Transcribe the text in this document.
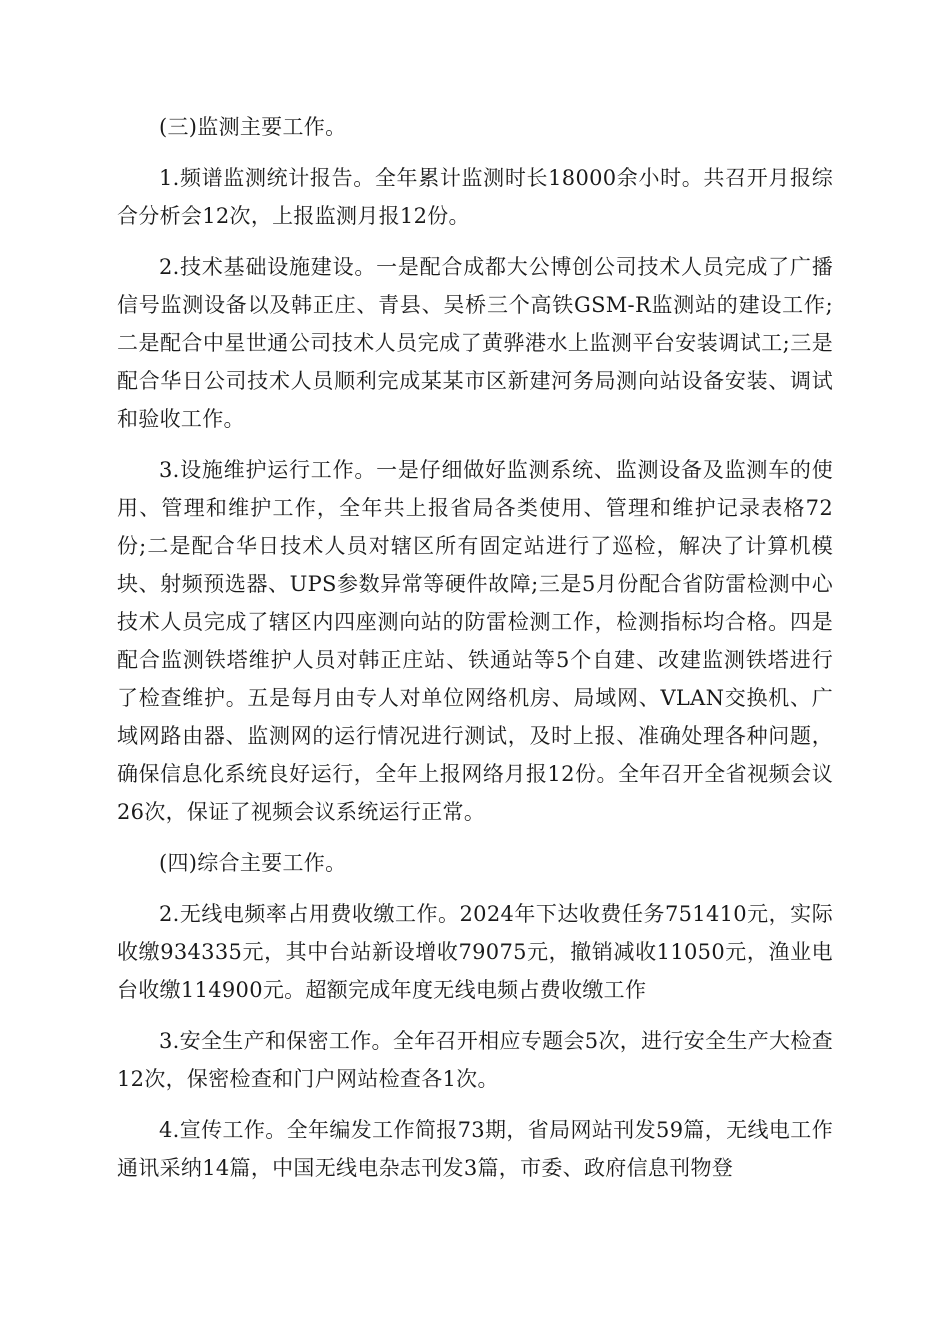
(三)监测主要工作。

1.频谱监测统计报告。全年累计监测时长18000余小时。共召开月报综合分析会12次，上报监测月报12份。

2.技术基础设施建设。一是配合成都大公博创公司技术人员完成了广播信号监测设备以及韩正庄、青县、吴桥三个高铁GSM-R监测站的建设工作;二是配合中星世通公司技术人员完成了黄骅港水上监测平台安装调试工;三是配合华日公司技术人员顺利完成某某市区新建河务局测向站设备安装、调试和验收工作。

3.设施维护运行工作。一是仔细做好监测系统、监测设备及监测车的使用、管理和维护工作，全年共上报省局各类使用、管理和维护记录表格72份;二是配合华日技术人员对辖区所有固定站进行了巡检，解决了计算机模块、射频预选器、UPS参数异常等硬件故障;三是5月份配合省防雷检测中心技术人员完成了辖区内四座测向站的防雷检测工作，检测指标均合格。四是配合监测铁塔维护人员对韩正庄站、铁通站等5个自建、改建监测铁塔进行了检查维护。五是每月由专人对单位网络机房、局域网、VLAN交换机、广域网路由器、监测网的运行情况进行测试，及时上报、准确处理各种问题，确保信息化系统良好运行，全年上报网络月报12份。全年召开全省视频会议26次，保证了视频会议系统运行正常。

(四)综合主要工作。

2.无线电频率占用费收缴工作。2024年下达收费任务751410元，实际收缴934335元，其中台站新设增收79075元，撤销减收11050元，渔业电台收缴114900元。超额完成年度无线电频占费收缴工作

3.安全生产和保密工作。全年召开相应专题会5次，进行安全生产大检查12次，保密检查和门户网站检查各1次。

4.宣传工作。全年编发工作简报73期，省局网站刊发59篇，无线电工作通讯采纳14篇，中国无线电杂志刊发3篇，市委、政府信息刊物登
